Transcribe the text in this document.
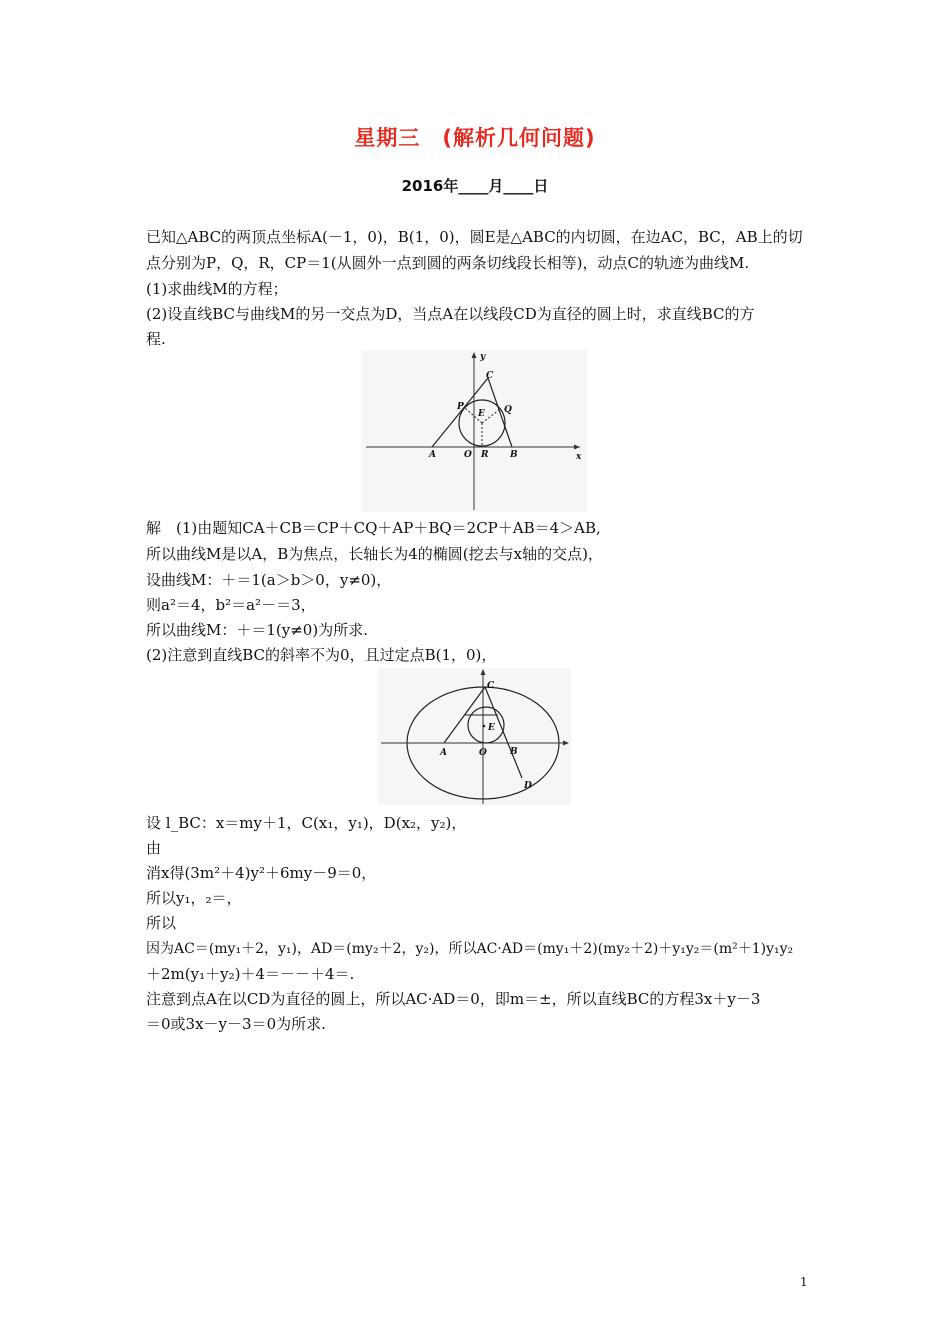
星期三　(解析几何问题)
2016年____月____日
已知△ABC的两顶点坐标A(－1，0)，B(1，0)，圆E是△ABC的内切圆，在边AC，BC，AB上的切
点分别为P，Q，R，CP＝1(从圆外一点到圆的两条切线段长相等)，动点C的轨迹为曲线M.
(1)求曲线M的方程；
(2)设直线BC与曲线M的另一交点为D，当点A在以线段CD为直径的圆上时，求直线BC的方
程.
y
x
C
P	Q
E
A	O R B
解　(1)由题知CA＋CB＝CP＋CQ＋AP＋BQ＝2CP＋AB＝4＞AB,
所以曲线M是以A，B为焦点，长轴长为4的椭圆(挖去与x轴的交点)，
设曲线M：＋＝1(a＞b＞0，y≠0)，
则a²＝4，b²＝a²－＝3，
所以曲线M：＋＝1(y≠0)为所求.
(2)注意到直线BC的斜率不为0，且过定点B(1，0)，
C
E
A	O	B
D
设 l_BC：x＝my＋1，C(x₁，y₁)，D(x₂，y₂)，
由
消x得(3m²＋4)y²＋6my－9＝0，
所以y₁，₂＝，
所以
因为AC＝(my₁＋2，y₁)，AD＝(my₂＋2，y₂)，所以AC·AD＝(my₁＋2)(my₂＋2)＋y₁y₂＝(m²＋1)y₁y₂
＋2m(y₁＋y₂)＋4＝－－＋4＝.
注意到点A在以CD为直径的圆上，所以AC·AD＝0，即m＝±，所以直线BC的方程3x＋y－3
＝0或3x－y－3＝0为所求.
1
